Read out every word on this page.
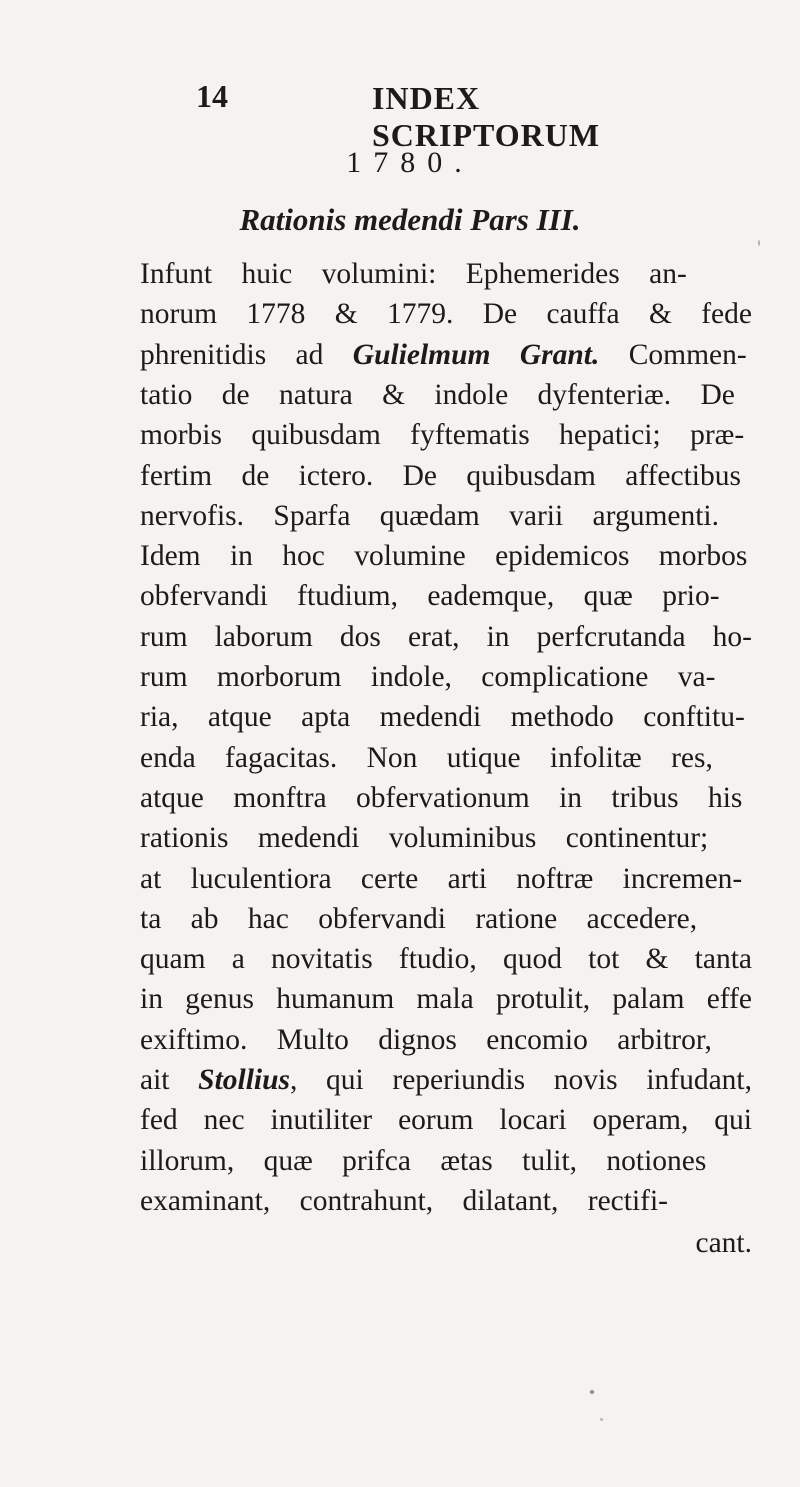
14	INDEX SCRIPTORUM
1780.
Rationis medendi Pars III.
Infunt huic volumini: Ephemerides an-
norum 1778 & 1779. De cauffa & fede
phrenitidis ad Gulielmum Grant. Commen-
tatio de natura & indole dyfenteriæ. De
morbis quibusdam fyftematis hepatici; præ-
fertim de ictero. De quibusdam affectibus
nervofis. Sparfa quædam varii argumenti.
Idem in hoc volumine epidemicos morbos
obfervandi ftudium, eademque, quæ prio-
rum laborum dos erat, in perfcrutanda ho-
rum morborum indole, complicatione va-
ria, atque apta medendi methodo conftitu-
enda fagacitas. Non utique infolitæ res,
atque monftra obfervationum in tribus his
rationis medendi voluminibus continentur;
at luculentiora certe arti noftræ incremen-
ta ab hac obfervandi ratione accedere,
quam a novitatis ftudio, quod tot & tanta
in genus humanum mala protulit, palam effe
exiftimo. Multo dignos encomio arbitror,
ait Stollius, qui reperiundis novis infudant,
fed nec inutiliter eorum locari operam, qui
illorum, quæ prifca ætas tulit, notiones
examinant, contrahunt, dilatant, rectifi-
cant.
